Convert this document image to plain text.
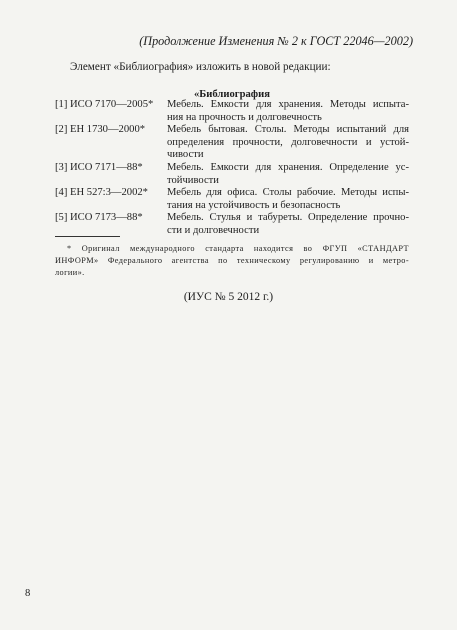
(Продолжение Изменения № 2 к ГОСТ 22046—2002)
Элемент «Библиография» изложить в новой редакции:
«Библиография
[1] ИСО 7170—2005*	Мебель. Емкости для хранения. Методы испыта-
ния на прочность и долговечность
[2] ЕН 1730—2000*	Мебель бытовая. Столы. Методы испытаний для
определения прочности, долговечности и устой-
чивости
[3] ИСО 7171—88*	Мебель. Емкости для хранения. Определение ус-
тойчивости
[4] ЕН 527:3—2002*	Мебель для офиса. Столы рабочие. Методы испы-
тания на устойчивость и безопасность
[5] ИСО 7173—88*	Мебель. Стулья и табуреты. Определение прочно-
сти и долговечности
* Оригинал международного стандарта находится во ФГУП «СТАНДАРТ
ИНФОРМ» Федерального агентства по техническому регулированию и метро-
логии».
(ИУС № 5 2012 г.)
8
